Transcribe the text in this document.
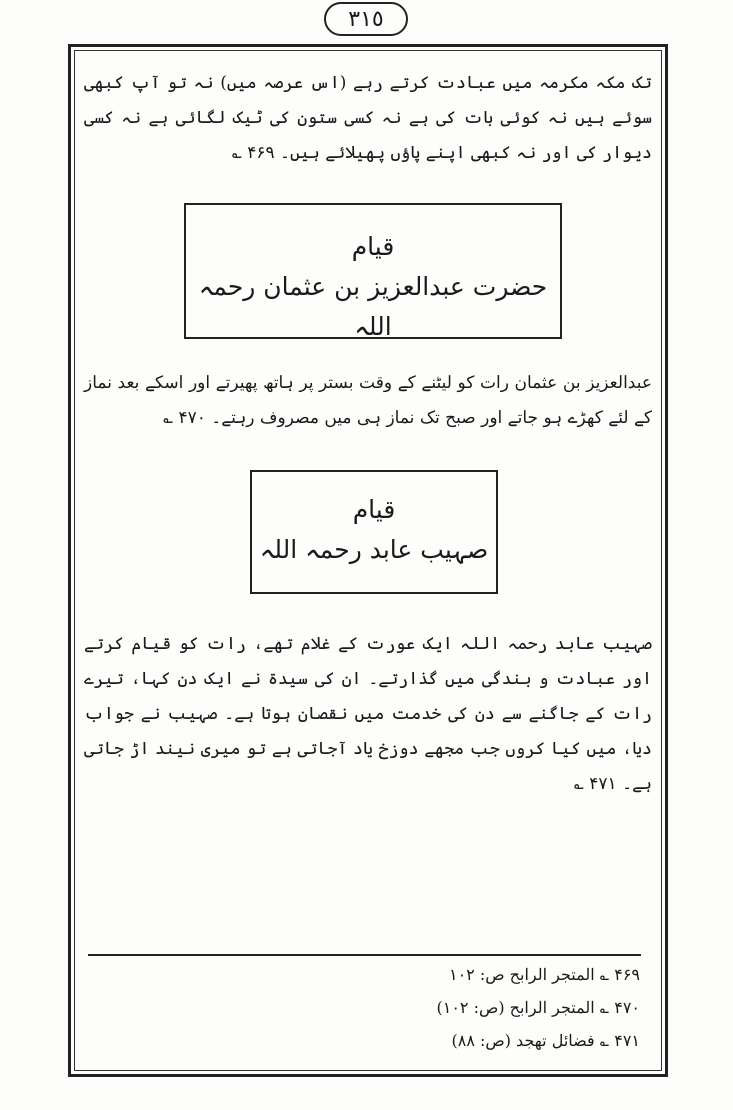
٣١٥

تک مکہ مکرمہ میں عبادت کرتے رہے (اس عرصہ میں) نہ تو آپ کبھی سوئے ہیں نہ کوئی بات کی ہے نہ کسی ستون کی ٹیک لگائی ہے نہ کسی دیوار کی اور نہ کبھی اپنے پاؤں پھیلائے ہیں۔ ۴۶۹ ؎

قیام
حضرت عبدالعزیز بن عثمان رحمہ اللہ

عبدالعزیز بن عثمان رات کو لیٹنے کے وقت بستر پر ہاتھ پھیرتے اور اسکے بعد نماز کے لئے کھڑے ہو جاتے اور صبح تک نماز ہی میں مصروف رہتے۔ ۴۷۰ ؎

قیام
صہیب عابد رحمہ اللہ

صہیب عابد رحمہ اللہ ایک عورت کے غلام تھے، رات کو قیام کرتے اور عبادت و بندگی میں گذارتے۔ ان کی سیدۃ نے ایک دن کہا، تیرے رات کے جاگنے سے دن کی خدمت میں نقصان ہوتا ہے۔ صہیب نے جواب دیا، میں کیا کروں جب مجھے دوزخ یاد آجاتی ہے تو میری نیند اڑ جاتی ہے۔ ۴۷۱ ؎

۴۶۹ ؎ المتجر الرابح ص: ۱۰۲

۴۷۰ ؎ المتجر الرابح (ص: ۱۰۲)

۴۷۱ ؎ فضائل تهجد (ص: ۸۸)
